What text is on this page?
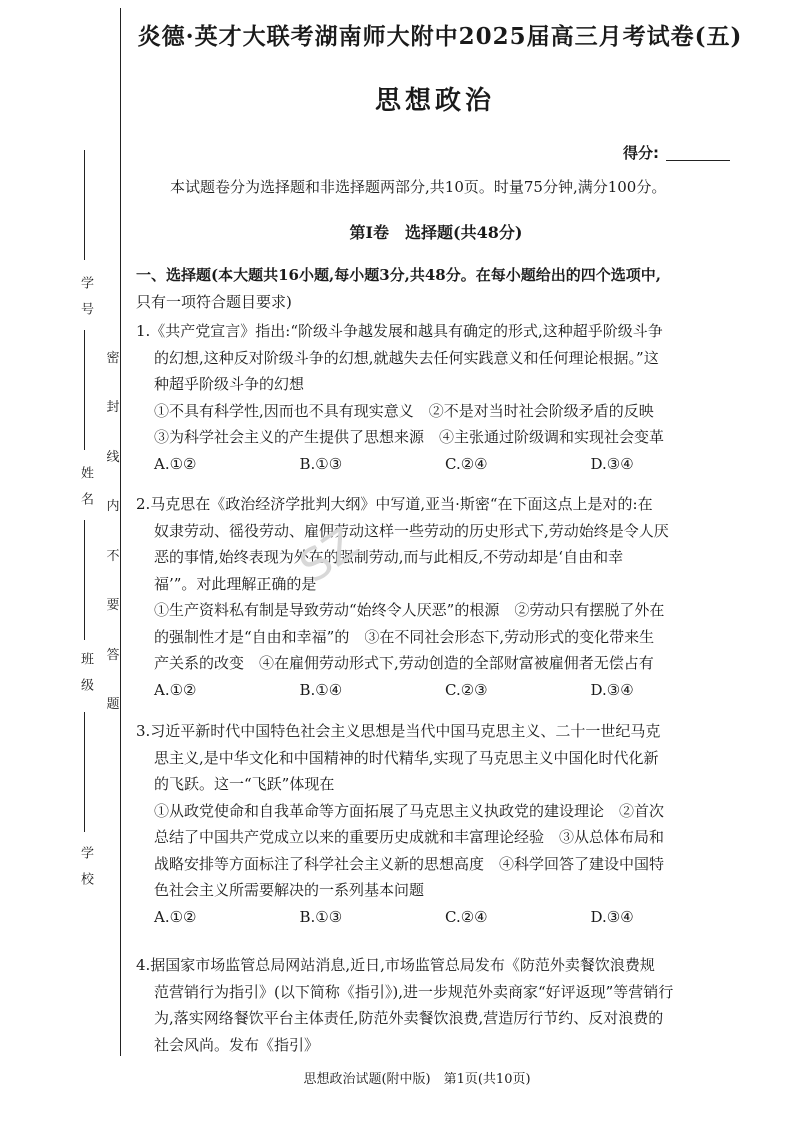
学　号
姓　名
班　级
学　校
密
封
线
内
不
要
答
题
炎德·英才大联考湖南师大附中2025届高三月考试卷(五)
思想政治
得分:
本试题卷分为选择题和非选择题两部分,共10页。时量75分钟,满分100分。
第Ⅰ卷　选择题(共48分)

一、选择题(本大题共16小题,每小题3分,共48分。在每小题给出的四个选项中,

只有一项符合题目要求)

1.《共产党宣言》指出:“阶级斗争越发展和越具有确定的形式,这种超乎阶级斗争

的幻想,这种反对阶级斗争的幻想,就越失去任何实践意义和任何理论根据。”这

种超乎阶级斗争的幻想

①不具有科学性,因而也不具有现实意义　②不是对当时社会阶级矛盾的反映

③为科学社会主义的产生提供了思想来源　④主张通过阶级调和实现社会变革

A.①②	B.①③	C.②④	D.③④

2.马克思在《政治经济学批判大纲》中写道,亚当·斯密“在下面这点上是对的:在

奴隶劳动、徭役劳动、雇佣劳动这样一些劳动的历史形式下,劳动始终是令人厌

恶的事情,始终表现为外在的强制劳动,而与此相反,不劳动却是‘自由和幸

福’”。对此理解正确的是

①生产资料私有制是导致劳动“始终令人厌恶”的根源　②劳动只有摆脱了外在

的强制性才是“自由和幸福”的　③在不同社会形态下,劳动形式的变化带来生

产关系的改变　④在雇佣劳动形式下,劳动创造的全部财富被雇佣者无偿占有

A.①②	B.①④	C.②③	D.③④

3.习近平新时代中国特色社会主义思想是当代中国马克思主义、二十一世纪马克

思主义,是中华文化和中国精神的时代精华,实现了马克思主义中国化时代化新

的飞跃。这一“飞跃”体现在

①从政党使命和自我革命等方面拓展了马克思主义执政党的建设理论　②首次

总结了中国共产党成立以来的重要历史成就和丰富理论经验　③从总体布局和

战略安排等方面标注了科学社会主义新的思想高度　④科学回答了建设中国特

色社会主义所需要解决的一系列基本问题

A.①②	B.①③	C.②④	D.③④

4.据国家市场监管总局网站消息,近日,市场监管总局发布《防范外卖餐饮浪费规

范营销行为指引》(以下简称《指引》),进一步规范外卖商家“好评返现”等营销行

为,落实网络餐饮平台主体责任,防范外卖餐饮浪费,营造厉行节约、反对浪费的

社会风尚。发布《指引》

SZ
思想政治试题(附中版)　第1页(共10页)
